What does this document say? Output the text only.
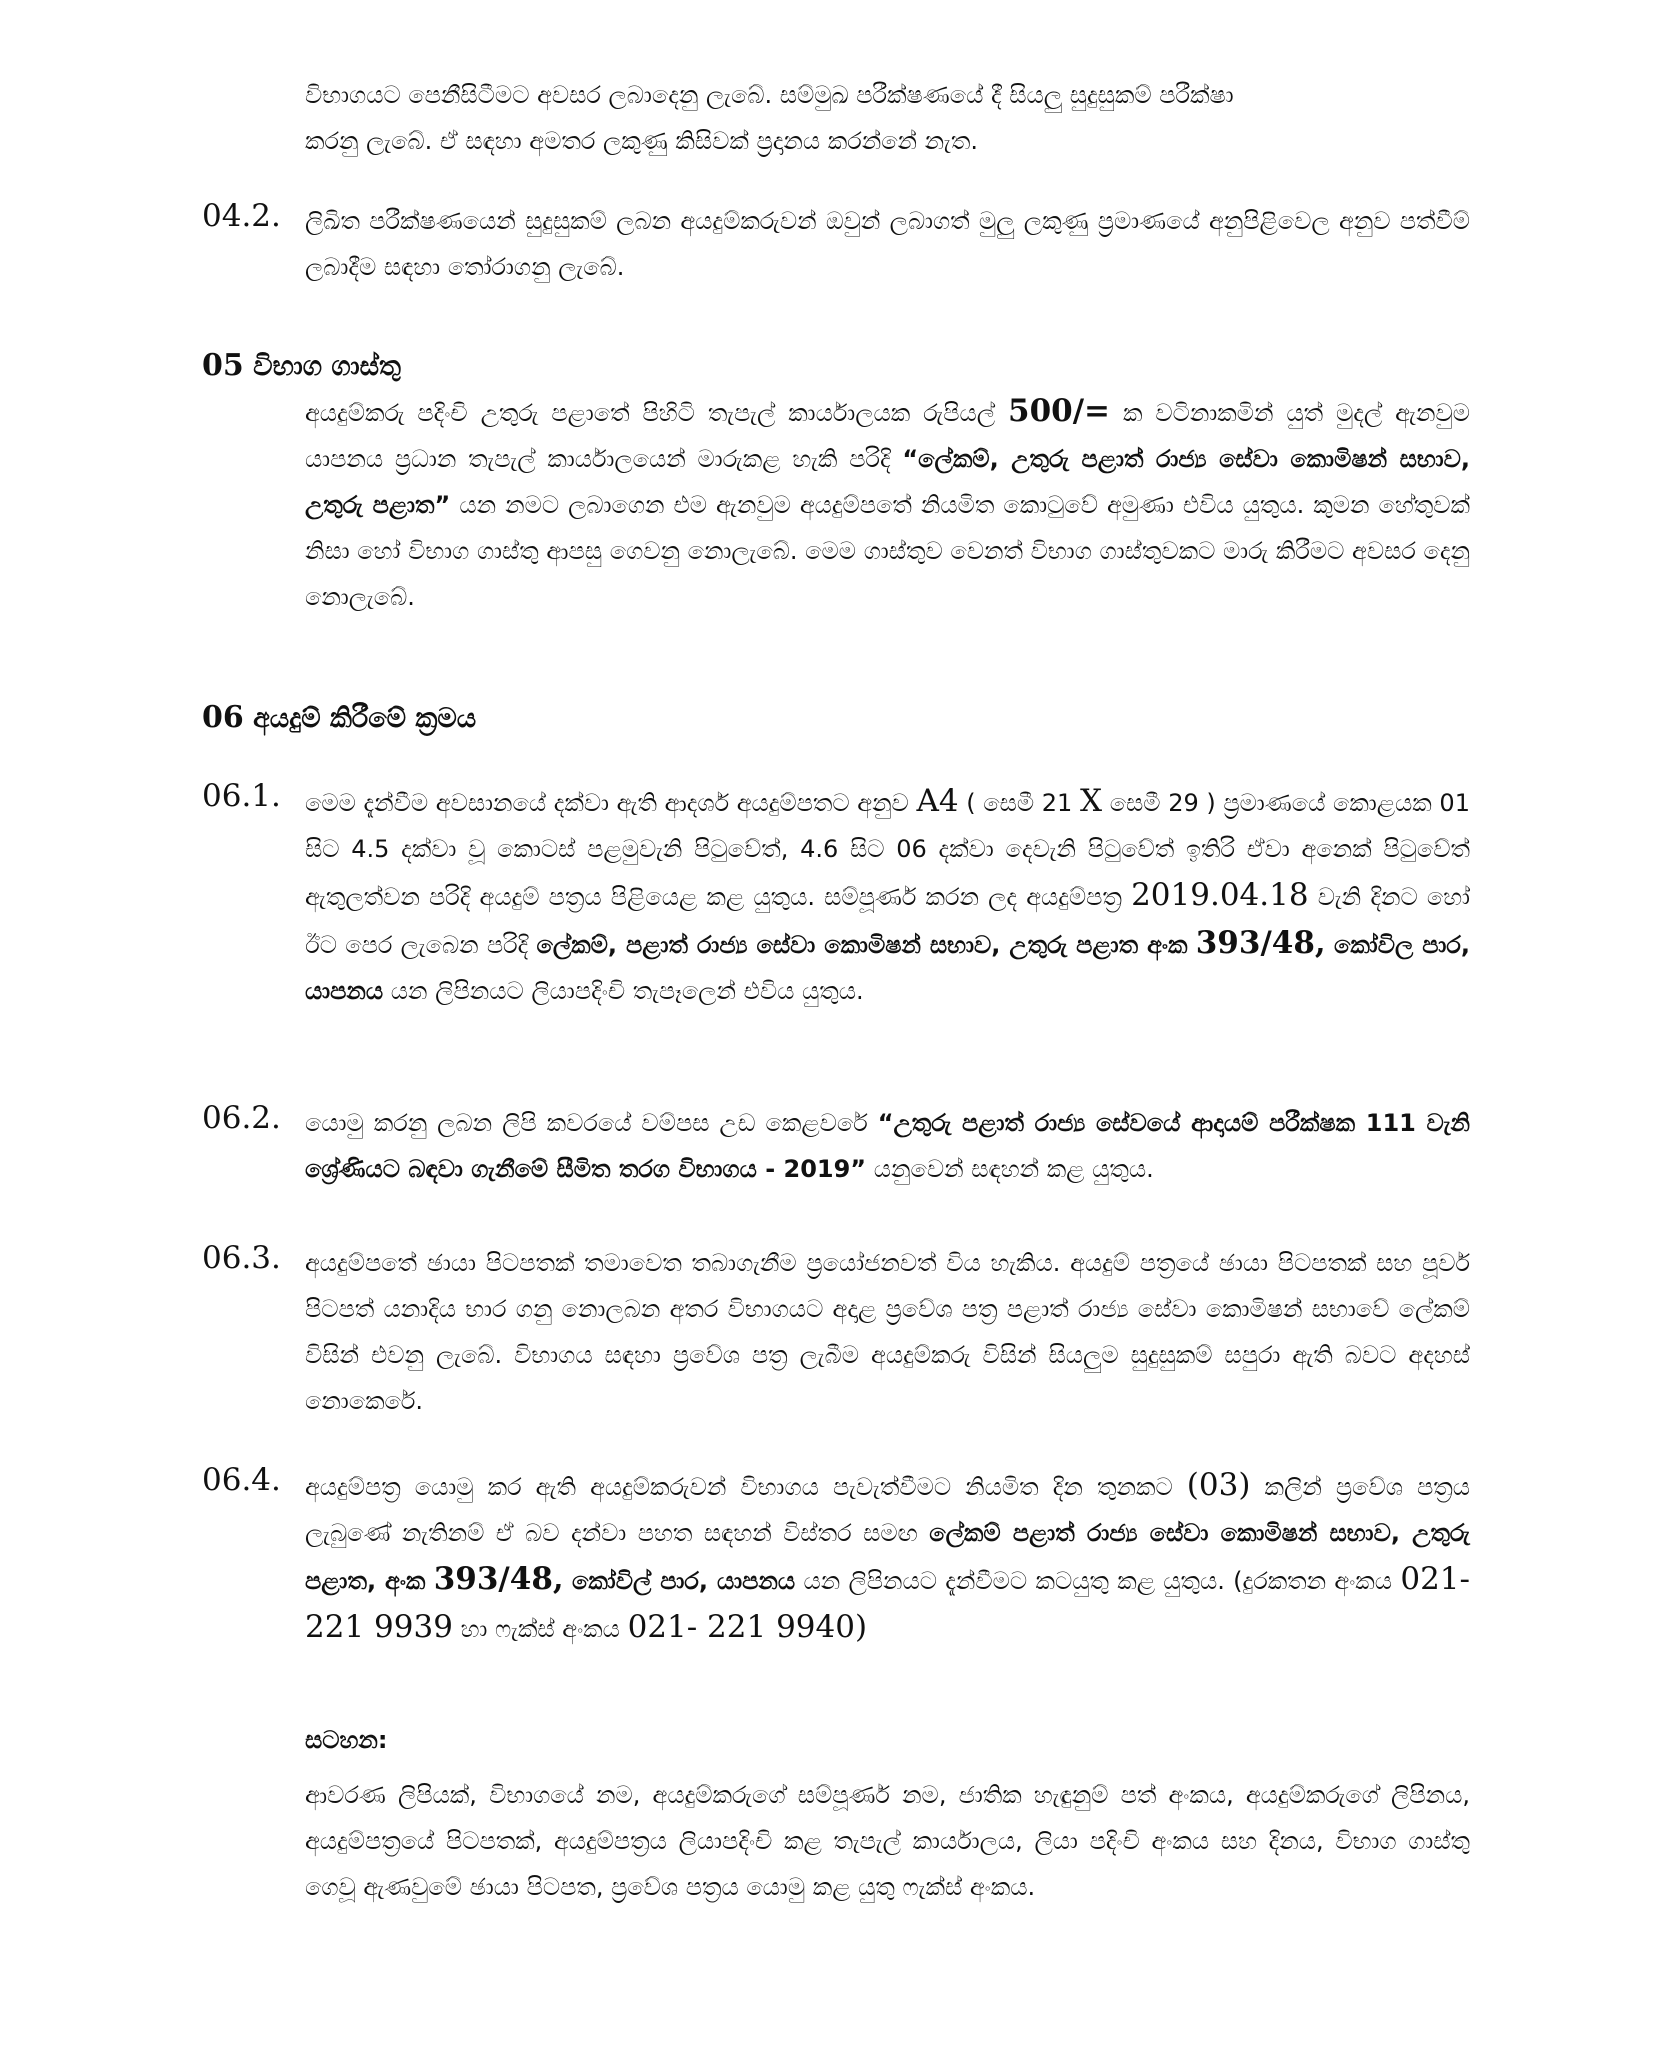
විභාගයට පෙනීසිටීමට අවසර ලබාදෙනු ලැබේ. සම්මුඛ පරීක්ෂණයේ දී සියලු සුදුසුකම් පරීක්ෂා
කරනු ලැබේ. ඒ සඳහා අමතර ලකුණු කිසිවක් ප්‍රදානය කරන්නේ නැත.

04.2. ලිඛිත පරීක්ෂණයෙන් සුදුසුකම් ලබන අයදුම්කරුවන් ඔවුන් ලබාගත් මුලු ලකුණු ප්‍රමාණයේ අනුපිළිවෙල අනුව පත්වීම් ලබාදීම සඳහා තෝරාගනු ලැබේ.

05 විභාග ගාස්තු

අයදුම්කරු පදිංචි උතුරු පළාතේ පිහිටි තැපැල් කාර්යාලයක රුපියල් 500/= ක වටිනාකමින් යුත් මුදල් ඇනවුම යාපනය ප්‍රධාන තැපැල් කාර්යාලයෙන් මාරුකළ හැකි පරිදි “ලේකම්, උතුරු පළාත් රාජ්‍ය සේවා කොමිෂන් සභාව, උතුරු පළාත” යන නමට ලබාගෙන එම ඇනවුම අයදුම්පතේ නියමිත කොටුවේ අමුණා එවිය යුතුය. කුමන හේතුවක් නිසා හෝ විභාග ගාස්තු ආපසු ගෙවනු නොලැබේ. මෙම ගාස්තුව වෙනත් විභාග ගාස්තුවකට මාරු කිරීමට අවසර දෙනු නොලැබේ.

06 අයදුම් කිරීමේ ක්‍රමය

06.1. මෙම දැන්වීම අවසානයේ දක්වා ඇති ආදර්ශ අයදුම්පතට අනුව A4 ( සෙමී 21 X සෙමී 29 ) ප්‍රමාණයේ කොළයක 01 සිට 4.5 දක්වා වූ කොටස් පළමුවැනි පිටුවේත්, 4.6 සිට 06 දක්වා දෙවැනි පිටුවේත් ඉතිරි ඒවා අනෙක් පිටුවේත් ඇතුලත්වන පරිදි අයදුම් පත්‍රය පිළියෙළ කළ යුතුය. සම්පූර්ණ කරන ලද අයදුම්පත්‍ර 2019.04.18 වැනි දිනට හෝ ඊට පෙර ලැබෙන පරිදි ලේකම්, පළාත් රාජ්‍ය සේවා කොමිෂන් සභාව, උතුරු පළාත අංක 393/48, කෝවිල පාර, යාපනය යන ලිපිනයට ලියාපදිංචි තැපෑලෙන් එවිය යුතුය.

06.2. යොමු කරනු ලබන ලිපි කවරයේ වම්පස උඩ කෙළවරේ “උතුරු පළාත් රාජ්‍ය සේවයේ ආදායම් පරීක්ෂක 111 වැනි ශ්‍රේණියට බඳවා ගැනීමේ සීමිත තරග විභාගය - 2019” යනුවෙන් සඳහන් කළ යුතුය.

06.3. අයදුම්පතේ ඡායා පිටපතක් තමාවෙත තබාගැනීම ප්‍රයෝජනවත් විය හැකිය. අයදුම් පත්‍රයේ ඡායා පිටපතක් සහ පූර්ව පිටපත් යනාදිය භාර ගනු නොලබන අතර විභාගයට අදාළ ප්‍රවේශ පත්‍ර පළාත් රාජ්‍ය සේවා කොමිෂන් සභාවේ ලේකම් විසින් එවනු ලැබේ. විභාගය සඳහා ප්‍රවේශ පත්‍ර ලැබීම අයදුම්කරු විසින් සියලුම සුදුසුකම් සපුරා ඇති බවට අදහස් නොකෙරේ.

06.4. අයදුම්පත්‍ර යොමු කර ඇති අයදුම්කරුවන් විභාගය පැවැත්වීමට නියමිත දින තුනකට (03) කලින් ප්‍රවේශ පත්‍රය ලැබුණේ නැතිනම් ඒ බව දන්වා පහත සඳහන් විස්තර සමඟ ලේකම් පළාත් රාජ්‍ය සේවා කොමිෂන් සභාව, උතුරු පළාත, අංක 393/48, කෝවිල් පාර, යාපනය යන ලිපිනයට දැන්වීමට කටයුතු කළ යුතුය. (දුරකතන අංකය 021- 221 9939 හා ෆැක්ස් අංකය 021- 221 9940)

සටහන:

ආවරණ ලිපියක්, විභාගයේ නම, අයදුම්කරුගේ සම්පූර්ණ නම, ජාතික හැඳුනුම් පත් අංකය, අයදුම්කරුගේ ලිපිනය, අයදුම්පත්‍රයේ පිටපතක්, අයදුම්පත්‍රය ලියාපදිංචි කළ තැපැල් කාර්යාලය, ලියා පදිංචි අංකය සහ දිනය, විභාග ගාස්තු ගෙවූ ඇණවුමේ ඡායා පිටපත, ප්‍රවේශ පත්‍රය යොමු කළ යුතු ෆැක්ස් අංකය.
